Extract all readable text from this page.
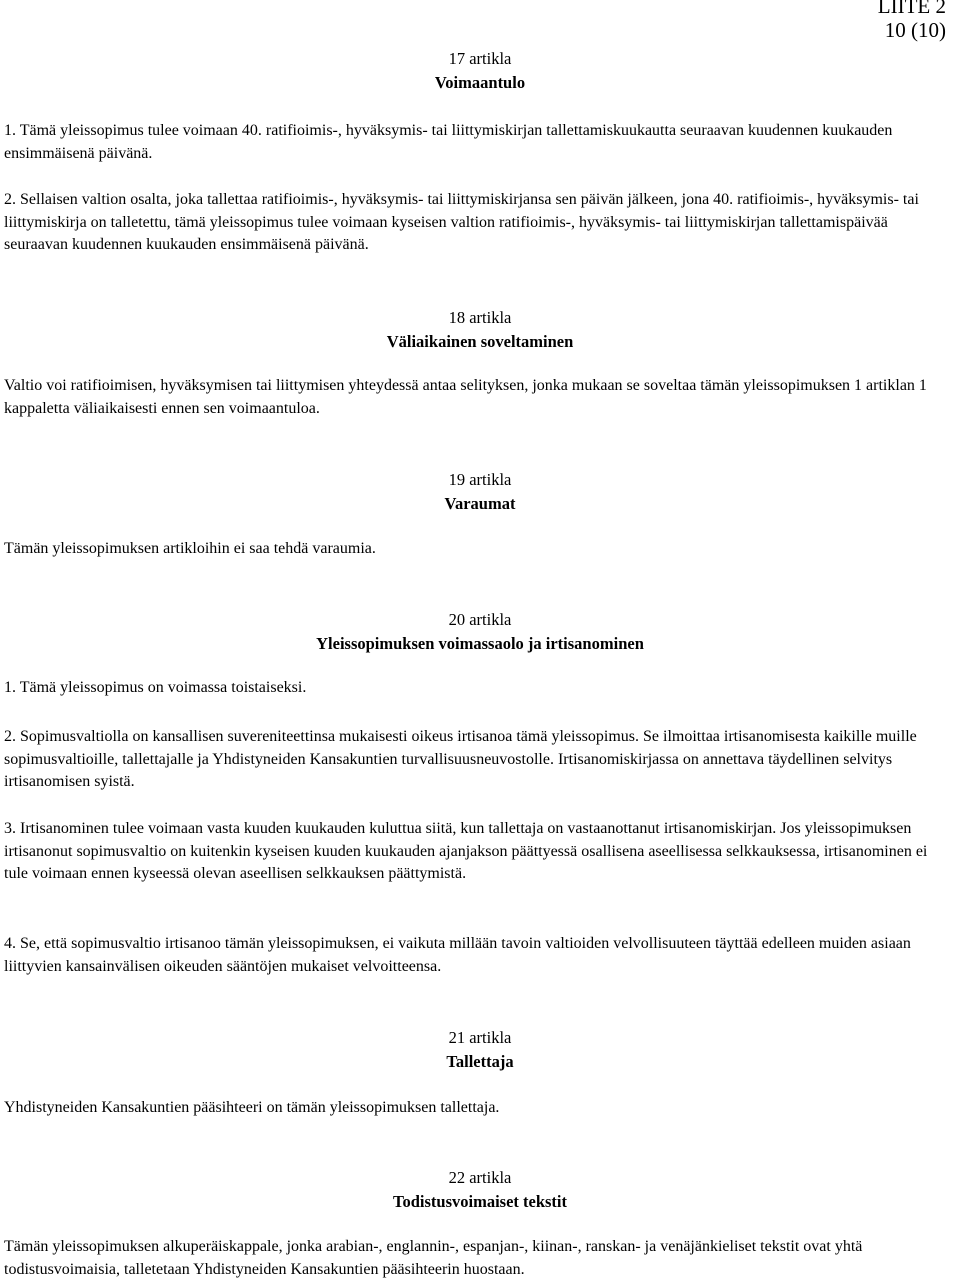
LIITE 2
10 (10)
17 artikla
Voimaantulo
1. Tämä yleissopimus tulee voimaan 40. ratifioimis-, hyväksymis- tai liittymiskirjan tallettamiskuukautta seuraavan kuudennen kuukauden ensimmäisenä päivänä.
2. Sellaisen valtion osalta, joka tallettaa ratifioimis-, hyväksymis- tai liittymiskirjansa sen päivän jälkeen, jona 40. ratifioimis-, hyväksymis- tai liittymiskirja on talletettu, tämä yleissopimus tulee voimaan kyseisen valtion ratifioimis-, hyväksymis- tai liittymiskirjan tallettamispäivää seuraavan kuudennen kuukauden ensimmäisenä päivänä.
18 artikla
Väliaikainen soveltaminen
Valtio voi ratifioimisen, hyväksymisen tai liittymisen yhteydessä antaa selityksen, jonka mukaan se soveltaa tämän yleissopimuksen 1 artiklan 1 kappaletta väliaikaisesti ennen sen voimaantuloa.
19 artikla
Varaumat
Tämän yleissopimuksen artikloihin ei saa tehdä varaumia.
20 artikla
Yleissopimuksen voimassaolo ja irtisanominen
1. Tämä yleissopimus on voimassa toistaiseksi.
2. Sopimusvaltiolla on kansallisen suvereniteettinsa mukaisesti oikeus irtisanoa tämä yleissopimus. Se ilmoittaa irtisanomisesta kaikille muille sopimusvaltioille, tallettajalle ja Yhdistyneiden Kansakuntien turvallisuusneuvostolle. Irtisanomiskirjassa on annettava täydellinen selvitys irtisanomisen syistä.
3. Irtisanominen tulee voimaan vasta kuuden kuukauden kuluttua siitä, kun tallettaja on vastaanottanut irtisanomiskirjan. Jos yleissopimuksen irtisanonut sopimusvaltio on kuitenkin kyseisen kuuden kuukauden ajanjakson päättyessä osallisena aseellisessa selkkauksessa, irtisanominen ei tule voimaan ennen kyseessä olevan aseellisen selkkauksen päättymistä.
4. Se, että sopimusvaltio irtisanoo tämän yleissopimuksen, ei vaikuta millään tavoin valtioiden velvollisuuteen täyttää edelleen muiden asiaan liittyvien kansainvälisen oikeuden sääntöjen mukaiset velvoitteensa.
21 artikla
Tallettaja
Yhdistyneiden Kansakuntien pääsihteeri on tämän yleissopimuksen tallettaja.
22 artikla
Todistusvoimaiset tekstit
Tämän yleissopimuksen alkuperäiskappale, jonka arabian-, englannin-, espanjan-, kiinan-, ranskan- ja venäjänkieliset tekstit ovat yhtä todistusvoimaisia, talletetaan Yhdistyneiden Kansakuntien pääsihteerin huostaan.
